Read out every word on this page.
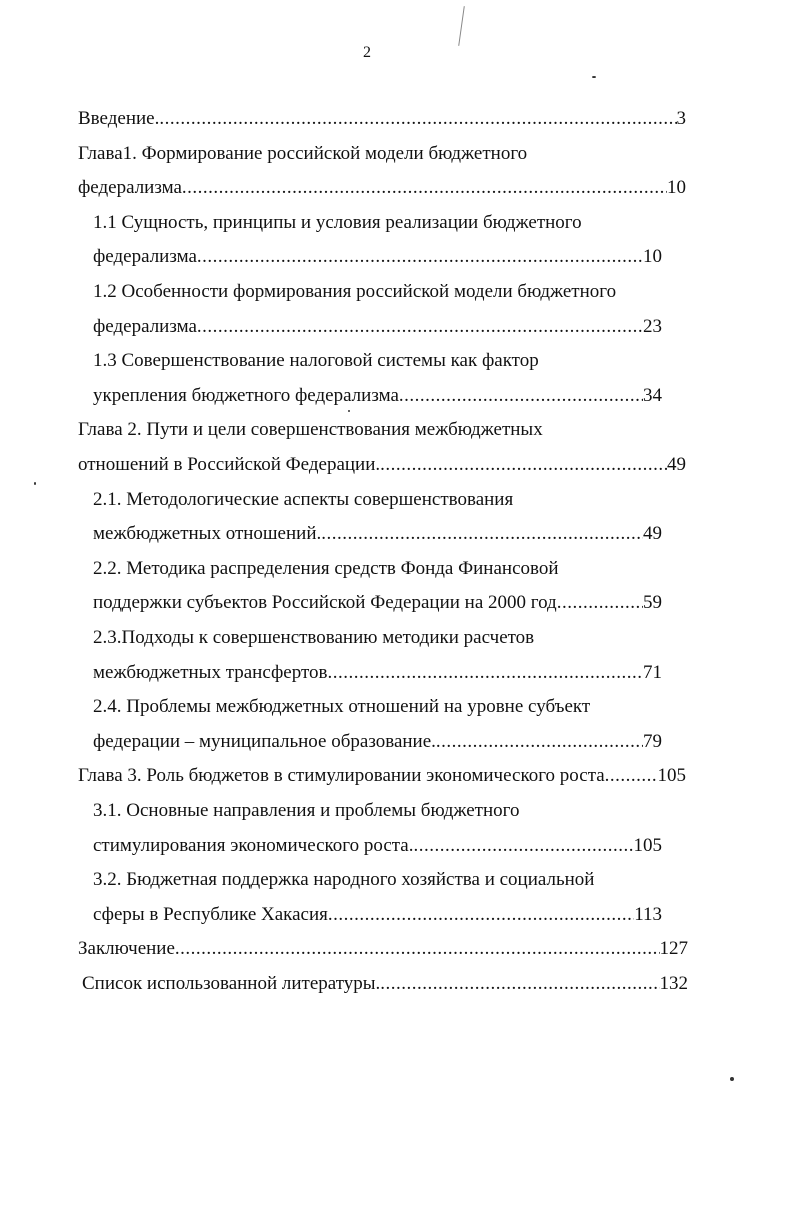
2
Введение. .....	3
Глава1. Формирование российской модели бюджетного
федерализма .....	10
1.1 Сущность, принципы и условия реализации бюджетного
федерализма .....	10
1.2 Особенности формирования российской модели бюджетного
федерализма .....	23
1.3 Совершенствование налоговой системы как фактор
укрепления бюджетного федерализма .....	34
Глава 2. Пути и цели совершенствования межбюджетных
отношений в Российской Федерации. .....	49
2.1. Методологические аспекты совершенствования
межбюджетных отношений. .....	49
2.2. Методика распределения средств Фонда Финансовой
поддержки субъектов Российской Федерации на 2000 год .....	59
2.3.Подходы к совершенствованию методики расчетов
межбюджетных трансфертов .....	71
2.4. Проблемы межбюджетных отношений на уровне субъект
федерации – муниципальное образование. .....	79
Глава 3. Роль бюджетов в стимулировании экономического роста .....	105
3.1. Основные направления и проблемы бюджетного
стимулирования экономического роста. .....	105
3.2. Бюджетная поддержка народного хозяйства и социальной
сферы в Республике Хакасия .....	113
Заключение .....	127
Список использованной литературы. .....	132
